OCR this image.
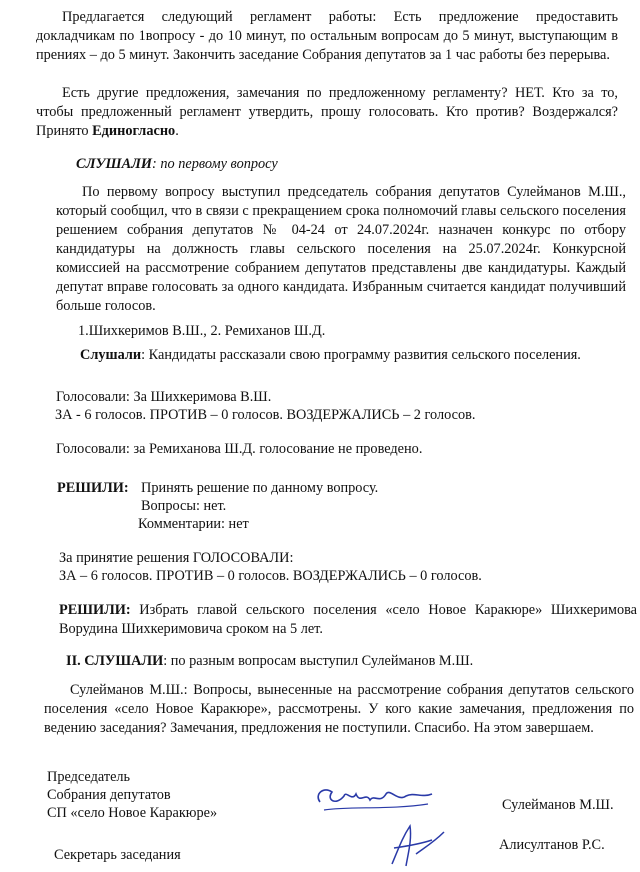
Предлагается следующий регламент работы: Есть предложение предоставить докладчикам по 1вопросу - до 10 минут, по остальным вопросам до 5 минут, выступающим в прениях – до 5 минут. Закончить заседание Собрания депутатов за 1 час работы без перерыва.
Есть другие предложения, замечания по предложенному регламенту? НЕТ. Кто за то, чтобы предложенный регламент утвердить, прошу голосовать. Кто против? Воздержался? Принято Единогласно.
СЛУШАЛИ: по первому вопросу
По первому вопросу выступил председатель собрания депутатов Сулейманов М.Ш., который сообщил, что в связи с прекращением срока полномочий главы сельского поселения решением собрания депутатов № 04-24 от 24.07.2024г. назначен конкурс по отбору кандидатуры на должность главы сельского поселения на 25.07.2024г. Конкурсной комиссией на рассмотрение собранием депутатов представлены две кандидатуры. Каждый депутат вправе голосовать за одного кандидата. Избранным считается кандидат получивший больше голосов.
1.Шихкеримов В.Ш., 2. Ремиханов Ш.Д.
Слушали: Кандидаты рассказали свою программу развития сельского поселения.
Голосовали: За Шихкеримова В.Ш.
ЗА - 6 голосов. ПРОТИВ – 0 голосов. ВОЗДЕРЖАЛИСЬ – 2 голосов.
Голосовали: за Ремиханова Ш.Д. голосование не проведено.
РЕШИЛИ: Принять решение по данному вопросу.
Вопросы: нет.
Комментарии: нет
За принятие решения ГОЛОСОВАЛИ:
ЗА – 6 голосов. ПРОТИВ – 0 голосов. ВОЗДЕРЖАЛИСЬ – 0 голосов.
РЕШИЛИ: Избрать главой сельского поселения «село Новое Каракюре» Шихкеримова Ворудина Шихкеримовича сроком на 5 лет.
II. СЛУШАЛИ: по разным вопросам выступил Сулейманов М.Ш.
Сулейманов М.Ш.: Вопросы, вынесенные на рассмотрение собрания депутатов сельского поселения «село Новое Каракюре», рассмотрены. У кого какие замечания, предложения по ведению заседания? Замечания, предложения не поступили. Спасибо. На этом завершаем.
Председатель
Собрания депутатов
СП «село Новое Каракюре»	Сулейманов М.Ш.
Секретарь заседания
Алисултанов Р.С.
